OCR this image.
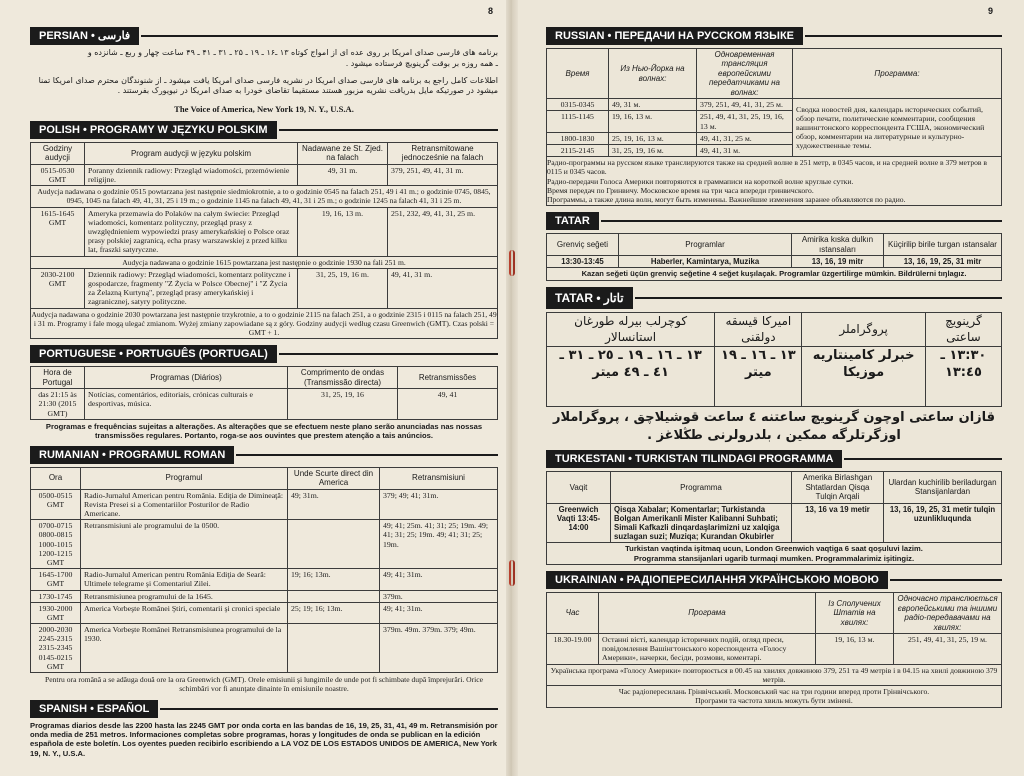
8
PERSIAN • فارسی
برنامه های فارسی صدای امریکا بر روی عده ای از امواج کوتاه ۱۳ ـ۱۶ ـ ۱۹ ـ ۲۵ ـ ۳۱ ـ ۴۱ ـ ۴۹ ساعت چهار و ربع ـ شانزده و
ـ همه روزه بر بوقت گرینویچ فرستاده میشود .
اطلاعات کامل راجع به برنامه های فارسی صدای امریکا در نشریه فارسی صدای امریکا یافت میشود ـ از شنوندگان محترم صدای امریکا تمنا
میشود در صورتیکه مایل بدریافت نشریه مزبور هستند مستقیما تقاضای خودرا به صدای امریکا در نیویورک بفرستند .
The Voice of America, New York 19, N. Y., U.S.A.
POLISH • PROGRAMY W JĘZYKU POLSKIM
Godziny audycji	Program audycji w języku polskim	Nadawane ze St. Zjed. na falach	Retransmitowane jednocześnie na falach
0515-0530 GMT	Poranny dziennik radiowy: Przegląd wiadomości, przemówienie religijne.	49, 31 m.	379, 251, 49, 41, 31 m.
Audycja nadawana o godzinie 0515 powtarzana jest następnie siedmiokrotnie, a to o godzinie 0545 na falach 251, 49 i 41 m.; o godzinie 0745, 0845, 0945, 1045 na falach 49, 41, 31, 25 i 19 m.; o godzinie 1145 na falach 49, 41, 31 i 25 m.; o godzinie 1245 na falach 41, 31 i 25 m.			
1615-1645 GMT	Ameryka przemawia do Polaków na całym świecie: Przegląd wiadomości, komentarz polityczny, przegląd prasy z uwzględnieniem wypowiedzi prasy amerykańskiej o Polsce oraz prasy polskiej zagranicą, echa prasy warszawskiej z przed kilku lat, fraszki satyryczne.	19, 16, 13 m.	251, 232, 49, 41, 31, 25 m.
Audycja nadawana o godzinie 1615 powtarzana jest następnie o godzinie 1930 na fali 251 m.			
2030-2100 GMT	Dziennik radiowy: Przegląd wiadomości, komentarz polityczne i gospodarcze, fragmenty "Z Życia w Polsce Obecnej" i "Z Życia za Żelazną Kurtyną", przegląd prasy amerykańskiej i zagranicznej, satyry polityczne.	31, 25, 19, 16 m.	49, 41, 31 m.
Audycja nadawana o godzinie 2030 powtarzana jest następnie trzykrotnie, a to o godzinie 2115 na falach 251, a o godzinie 2315 i 0115 na falach 251, 49 i 31 m. Programy i fale mogą ulegać zmianom. Wyżej zmiany zapowiadane są z góry. Godziny audycji według czasu Greenwich (GMT). Czas polski = GMT + 1.			
PORTUGUESE • PORTUGUÊS (PORTUGAL)
Hora de Portugal	Programas (Diários)	Comprimento de ondas (Transmissão directa)	Retransmissões
das 21:15 às 21:30 (2015 GMT)	Notícias, comentários, editoriais, crónicas culturais e desportivas, música.	31, 25, 19, 16	49, 41
Programas e frequências sujeitas a alterações. As alterações que se efectuem neste plano serão anunciadas nas nossas transmissões regulares. Portanto, roga-se aos ouvintes que prestem atenção a tais anúncios.
RUMANIAN • PROGRAMUL ROMAN
Ora	Programul	Unde Scurte direct din America	Retransmisiuni
0500-0515 GMT	Radio-Jurnalul American pentru România. Ediţia de Dimineaţă: Revista Presei si a Comentariilor Posturilor de Radio Americane.	49; 31m.	379; 49; 41; 31m.
0700-0715 0800-0815 1000-1015 1200-1215 GMT	Retransmisiuni ale programului de la 0500.		49; 41; 25m. 41; 31; 25; 19m. 49; 41; 31; 25; 19m. 49; 41; 31; 25; 19m.
1645-1700 GMT	Radio-Jurnalul American pentru România Ediţia de Seară: Ultimele telegrame şi Comentariul Zilei.	19; 16; 13m.	49; 41; 31m.
1730-1745	Retransmisiunea programului de la 1645.		379m.
1930-2000 GMT	America Vorbeşte Românei Ştiri, comentarii şi cronici speciale	25; 19; 16; 13m.	49; 41; 31m.
2000-2030 2245-2315 2315-2345 0145-0215 GMT	America Vorbeşte Românei Retransmisiunea programului de la 1930.		379m. 49m. 379m. 379; 49m.
Pentru ora română a se adăuga două ore la ora Greenwich (GMT). Orele emisiunii şi lungimile de unde pot fi schimbate după împrejurări. Orice schimbări vor fi anunţate dinainte în emisiunile noastre.
SPANISH • ESPAÑOL
Programas diarios desde las 2200 hasta las 2245 GMT por onda corta en las bandas de 16, 19, 25, 31, 41, 49 m. Retransmisión por onda media de 251 metros. Informaciones completas sobre programas, horas y longitudes de onda se publican en la edición española de este boletín. Los oyentes pueden recibirlo escribiendo a LA VOZ DE LOS ESTADOS UNIDOS DE AMERICA, New York 19, N. Y., U.S.A.
9
RUSSIAN • ПЕРЕДАЧИ НА РУССКОМ ЯЗЫКЕ
Время	Из Нью-Йорка на волнах:	Одновременная трансляция европейскими передатчиками на волнах:	Программа:
0315-0345	49, 31 м.	379, 251, 49, 41, 31, 25 м.	Сводка новостей дня, календарь исторических событий, обзор печати, политические комментарии, сообщения вашингтонского корреспондента ГСША, экономический обзор, комментарии на литературные и культурно-художественные темы.
1115-1145	19, 16, 13 м.	251, 49, 41, 31, 25, 19, 16, 13 м.	
1800-1830	25, 19, 16, 13 м.	49, 41, 31, 25 м.	
2115-2145	31, 25, 19, 16 м.	49, 41, 31 м.	

Радио-программы на русском языке транслируются также на средней волне в 251 метр, в 0345 часов, и на средней волне в 379 метров в 0115 и 0345 часов.
Радио-передачи Голоса Америки повторяются в граммаписи на короткой волне круглые сутки.
Время передач по Гринвичу. Московское время на три часа впереди гринвичского.
Программы, а также длина волн, могут быть изменены. Важнейшие изменения заранее объявляются по радио.			
TATAR
Grenviç seğeti	Programlar	Amirika kıska dulkın ıstansaları	Küçirilip birile turgan ıstansalar
13:30-13:45	Haberler, Kamintarya, Muzika	13, 16, 19 mitr	13, 16, 19, 25, 31 mitr
Kazan seğeti üçün grenviç seğetine 4 seğet kuşılaçak. Programlar üzgertilirge mümkin. Bildrülerni tıŋlagız.			
TATAR • تاتار
گرينويچ ساعتى	پروگراملر	اميركا قيسقه دولقنى	کوچرلب بيرله طورغان استانسالار
١٣:٣٠ ـ ١٣:٤٥	خبرلر كامينتاريه موزيكا	١٣ ـ ١٦ ـ ١٩ ميتر	١٣ ـ ١٦ ـ ١٩ ـ ٢٥ ـ ٣١ ـ ٤١ ـ ٤٩ ميتر
قازان ساعتى اوچون گرينويچ ساعتنه ٤ ساعت قوشيلاچق ، پروگراملار
اوزگرتلرگه ممكين ، بلدرولرنى طڭلاغز .
TURKESTANI • TURKISTAN TILINDAGI PROGRAMMA
Vaqit	Programma	Amerika Birlashgan Shtatlardan Qisqa Tulqin Arqali	Ulardan kuchirilib beriladurgan Stansijanlardan
Greenwich Vaqti 13:45-14:00	Qisqa Xabalar; Komentarlar; Turkistanda Bolgan Amerikanli Mister Kalibanni Suhbati; Simali Kafkazli dinqardaşlarimizni uz xalqiga suzlagan suzi; Muziqa; Kurandan Okubirler	13, 16 va 19 metir	13, 16, 19, 25, 31 metir tulqin uzunlikluqunda

Turkistan vaqtinda işitmaq ucun, London Greenwich vaqtiga 6 saat qoşuluvi lazim.
Programma stansijanlari ugarib turmaqi mumken. Programmalarimiz işitingiz.			
UKRAINIAN • РАДІОПЕРЕСИЛАННЯ УКРАЇНСЬКОЮ МОВОЮ
Час	Програма	Із Сполучених Штатів на хвилях:	Одночасно транслюється європейськими та іншими радіо-передавачами на хвилях:
18.30-19.00	Останні вісті, календар історичних подій, огляд преси, повідомлення Вашінгтонського кореспондента «Голосу Америки», начерки, бесіди, розмови, коментарі.	19, 16, 13 м.	251, 49, 41, 31, 25, 19 м.

Українська програма «Голосу Америки» повторюється в 00.45 на хвилях довжиною 379, 251 та 49 метрів і в 04.15 на хвилі довжиною 379 метрів.			

Час радіопересилань Грінвічський. Московський час на три години вперед проти Грінвічського.
Програми та частота хвиль можуть бути змінені.			
